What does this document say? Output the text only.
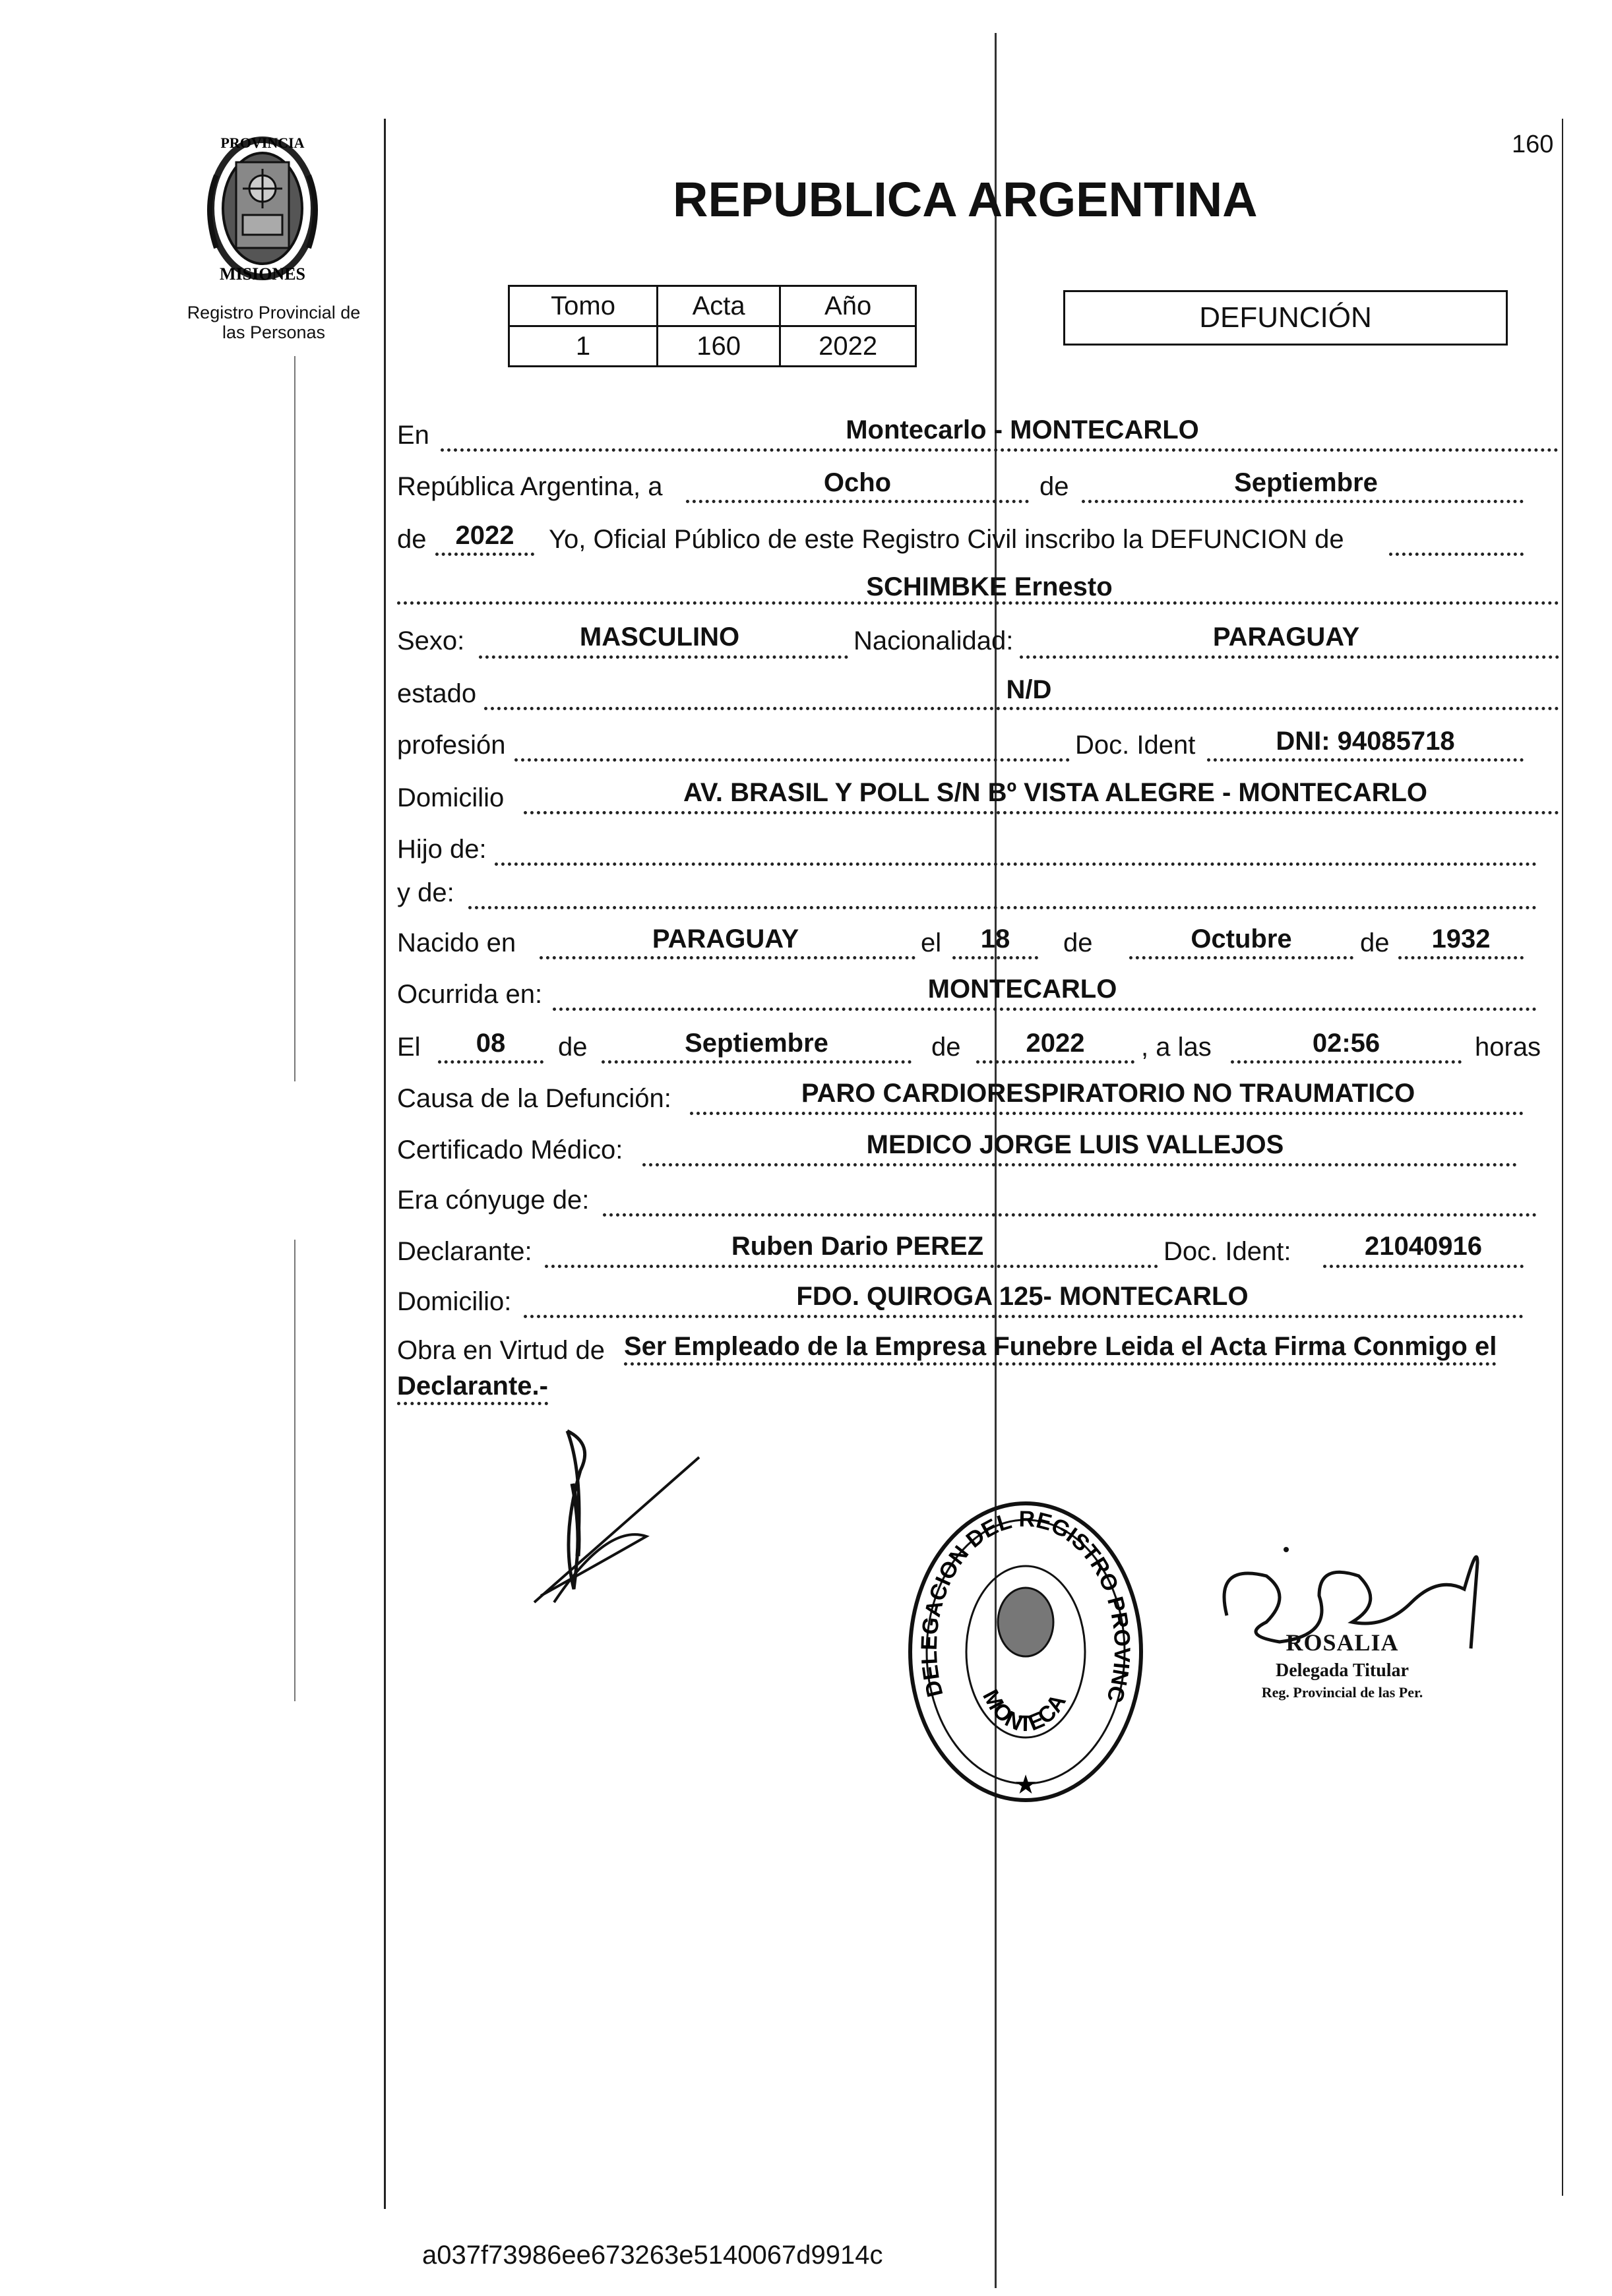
160
PROVINCIA
MISIONES
Registro Provincial de
las Personas
REPUBLICA ARGENTINA
Tomo	Acta	Año
1	160	2022
DEFUNCIÓN
En	Montecarlo - MONTECARLO
República Argentina, a	Ocho	de	Septiembre
de	2022	Yo, Oficial Público de este Registro Civil inscribo la DEFUNCION de
SCHIMBKE Ernesto
Sexo:	MASCULINO	Nacionalidad:	PARAGUAY
estado	N/D
profesión	Doc. Ident	DNI: 94085718
Domicilio	AV. BRASIL Y POLL S/N Bº VISTA ALEGRE - MONTECARLO
Hijo de:
y de:
Nacido en	PARAGUAY	el	18	de	Octubre	de	1932
Ocurrida en:	MONTECARLO
El	08	de	Septiembre	de	2022	, a las	02:56	horas
Causa de la Defunción:	PARO CARDIORESPIRATORIO NO TRAUMATICO
Certificado Médico:	MEDICO JORGE LUIS VALLEJOS
Era cónyuge de:
Declarante:	Ruben Dario PEREZ	Doc. Ident:	21040916
Domicilio:	FDO. QUIROGA 125- MONTECARLO
Obra en Virtud de Ser Empleado de la Empresa Funebre Leida el Acta Firma Conmigo el
Declarante.-
DELEGACION DEL REGISTRO PROVINC
MONTECA
★
ROSALIA
Delegada Titular
Reg. Provincial de las Per.
a037f73986ee673263e5140067d9914c
